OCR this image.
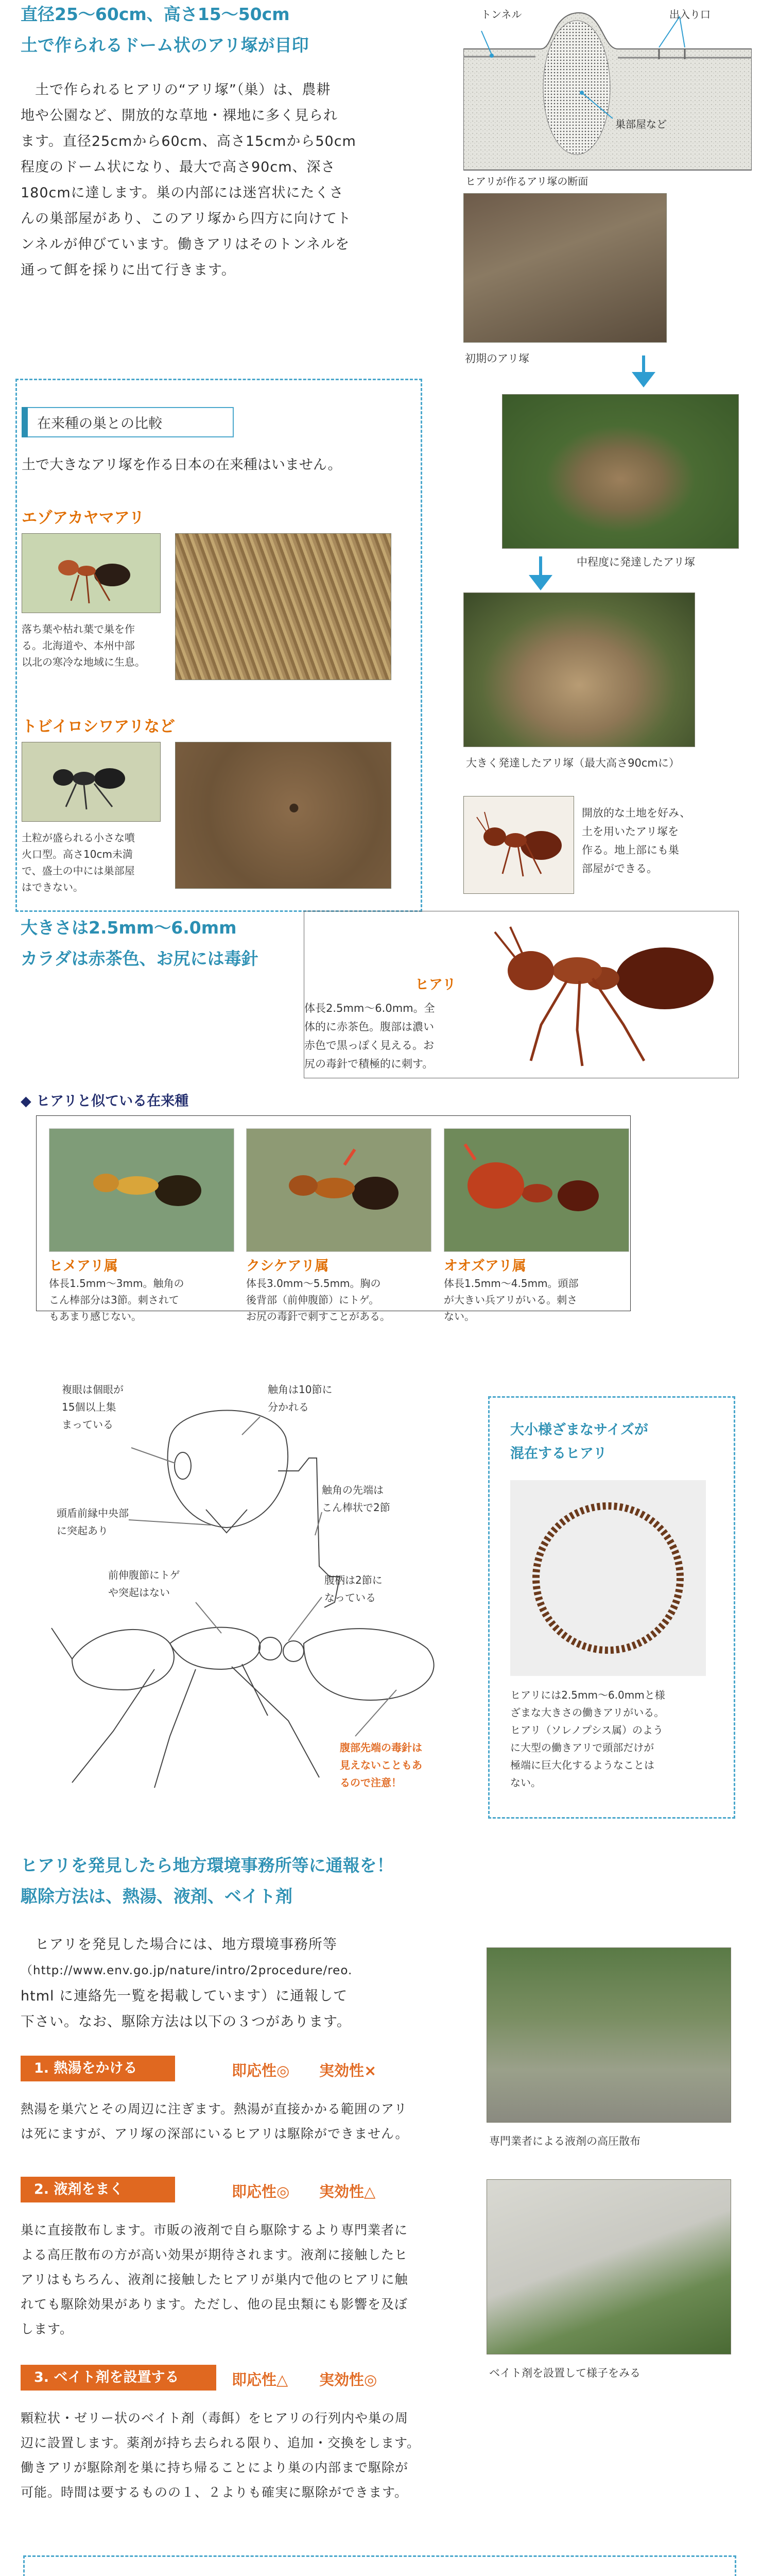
直径25〜60cm、高さ15〜50cm
土で作られるドーム状のアリ塚が目印
　土で作られるヒアリの“アリ塚”（巣）は、農耕
地や公園など、開放的な草地・裸地に多く見られ
ます。直径25cmから60cm、高さ15cmから50cm
程度のドーム状になり、最大で高さ90cm、深さ
180cmに達します。巣の内部には迷宮状にたくさ
んの巣部屋があり、このアリ塚から四方に向けてト
ンネルが伸びています。働きアリはそのトンネルを
通って餌を採りに出て行きます。
トンネル	出入り口
巣部屋など
ヒアリが作るアリ塚の断面
初期のアリ塚
中程度に発達したアリ塚
大きく発達したアリ塚（最大高さ90cmに）
開放的な土地を好み、
土を用いたアリ塚を
作る。地上部にも巣
部屋ができる。
在来種の巣との比較
土で大きなアリ塚を作る日本の在来種はいません。
エゾアカヤマアリ
落ち葉や枯れ葉で巣を作
る。北海道や、本州中部
以北の寒冷な地域に生息。
トビイロシワアリなど
土粒が盛られる小さな噴
火口型。高さ10cm未満
で、盛土の中には巣部屋
はできない。
大きさは2.5mm〜6.0mm
カラダは赤茶色、お尻には毒針
ヒアリ
体長2.5mm〜6.0mm。全
体的に赤茶色。腹部は濃い
赤色で黒っぽく見える。お
尻の毒針で積極的に刺す。
◆ ヒアリと似ている在来種
ヒメアリ属
体長1.5mm〜3mm。触角の
こん棒部分は3節。刺されて
もあまり感じない。
クシケアリ属
体長3.0mm〜5.5mm。胸の
後背部（前伸腹節）にトゲ。
お尻の毒針で刺すことがある。
オオズアリ属
体長1.5mm〜4.5mm。頭部
が大きい兵アリがいる。刺さ
ない。
複眼は個眼が
15個以上集
まっている
触角は10節に
分かれる
触角の先端は
こん棒状で2節
頭盾前縁中央部
に突起あり
前伸腹節にトゲ
や突起はない
腹柄は2節に
なっている
腹部先端の毒針は
見えないこともあ
るので注意！
大小様ざまなサイズが
混在するヒアリ
ヒアリには2.5mm〜6.0mmと様
ざまな大きさの働きアリがいる。
ヒアリ（ソレノプシス属）のよう
に大型の働きアリで頭部だけが
極端に巨大化するようなことは
ない。
ヒアリを発見したら地方環境事務所等に通報を！
駆除方法は、熱湯、液剤、ベイト剤
　ヒアリを発見した場合には、地方環境事務所等
（http://www.env.go.jp/nature/intro/2procedure/reo.
html に連絡先一覧を掲載しています）に通報して
下さい。なお、駆除方法は以下の３つがあります。
専門業者による液剤の高圧散布
ベイト剤を設置して様子をみる
1. 熱湯をかける	即応性◎ 実効性×
熱湯を巣穴とその周辺に注ぎます。熱湯が直接かかる範囲のアリ
は死にますが、アリ塚の深部にいるヒアリは駆除ができません。
2. 液剤をまく	即応性◎ 実効性△
巣に直接散布します。市販の液剤で自ら駆除するより専門業者に
よる高圧散布の方が高い効果が期待されます。液剤に接触したヒ
アリはもちろん、液剤に接触したヒアリが巣内で他のヒアリに触
れても駆除効果があります。ただし、他の昆虫類にも影響を及ぼ
します。
3. ベイト剤を設置する	即応性△ 実効性◎
顆粒状・ゼリー状のベイト剤（毒餌）をヒアリの行列内や巣の周
辺に設置します。薬剤が持ち去られる限り、追加・交換をします。
働きアリが駆除剤を巣に持ち帰ることにより巣の内部まで駆除が
可能。時間は要するものの１、２よりも確実に駆除ができます。
